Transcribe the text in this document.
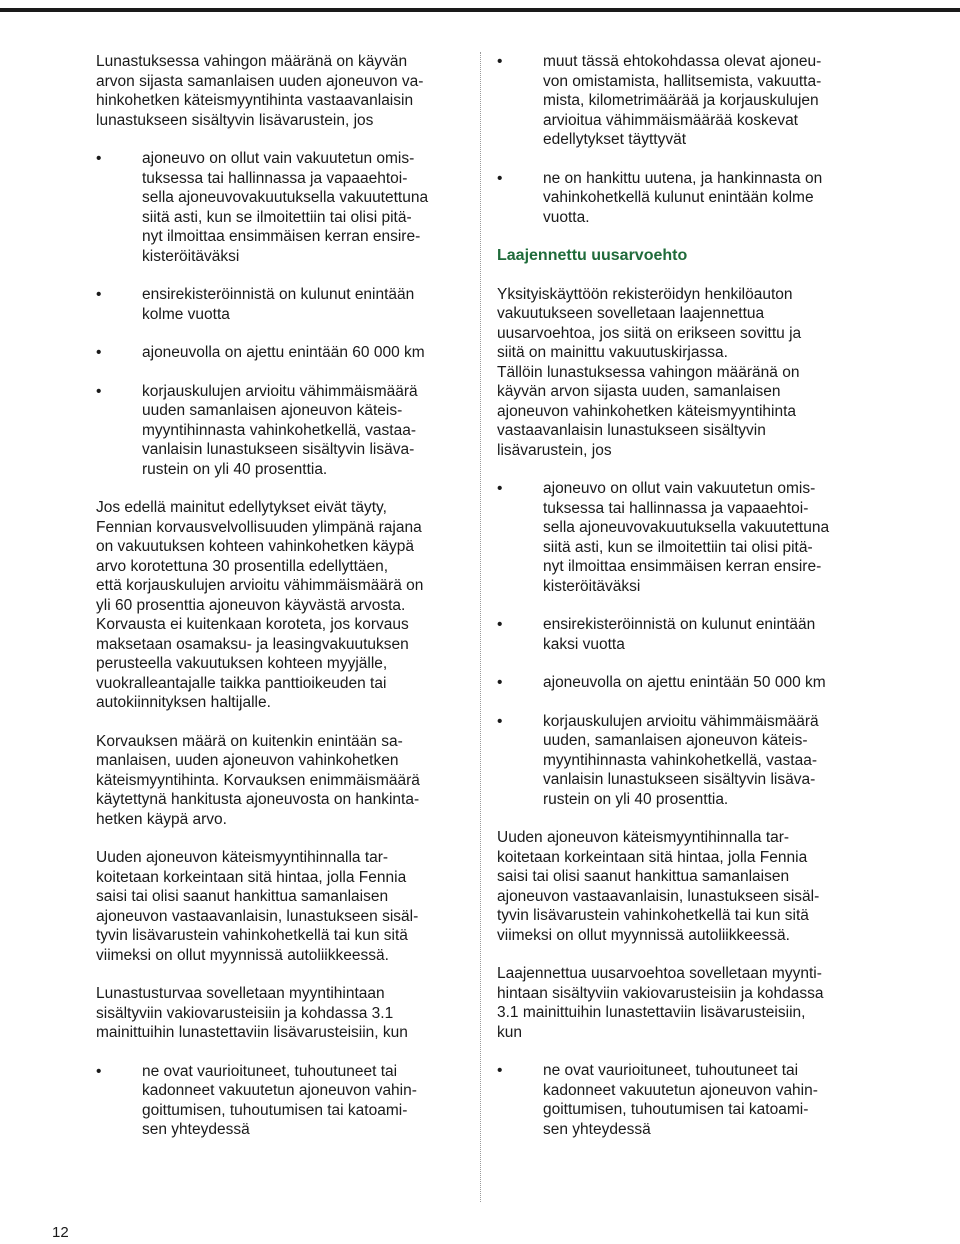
Lunastuksessa vahingon määränä on käyvän
arvon sijasta samanlaisen uuden ajoneuvon va-
hinkohetken käteismyyntihinta vastaavanlaisin
lunastukseen sisältyvin lisävarustein, jos

• ajoneuvo on ollut vain vakuutetun omis-
tuksessa tai hallinnassa ja vapaaehtoi-
sella ajoneuvovakuutuksella vakuutettuna
siitä asti, kun se ilmoitettiin tai olisi pitä-
nyt ilmoittaa ensimmäisen kerran ensire-
kisteröitäväksi
• ensirekisteröinnistä on kulunut enintään
kolme vuotta
• ajoneuvolla on ajettu enintään 60 000 km
• korjauskulujen arvioitu vähimmäismäärä
uuden samanlaisen ajoneuvon käteis-
myyntihinnasta vahinkohetkellä, vastaa-
vanlaisin lunastukseen sisältyvin lisäva-
rustein on yli 40 prosenttia.

Jos edellä mainitut edellytykset eivät täyty,
Fennian korvausvelvollisuuden ylimpänä rajana
on vakuutuksen kohteen vahinkohetken käypä
arvo korotettuna 30 prosentilla edellyttäen,
että korjauskulujen arvioitu vähimmäismäärä on
yli 60 prosenttia ajoneuvon käyvästä arvosta.
Korvausta ei kuitenkaan koroteta, jos korvaus
maksetaan osamaksu- ja leasingvakuutuksen
perusteella vakuutuksen kohteen myyjälle,
vuokralleantajalle taikka panttioikeuden tai
autokiinnityksen haltijalle.

Korvauksen määrä on kuitenkin enintään sa-
manlaisen, uuden ajoneuvon vahinkohetken
käteismyyntihinta. Korvauksen enimmäismäärä
käytettynä hankitusta ajoneuvosta on hankinta-
hetken käypä arvo.

Uuden ajoneuvon käteismyyntihinnalla tar-
koitetaan korkeintaan sitä hintaa, jolla Fennia
saisi tai olisi saanut hankittua samanlaisen
ajoneuvon vastaavanlaisin, lunastukseen sisäl-
tyvin lisävarustein vahinkohetkellä tai kun sitä
viimeksi on ollut myynnissä autoliikkeessä.

Lunastusturvaa sovelletaan myyntihintaan
sisältyviin vakiovarusteisiin ja kohdassa 3.1
mainittuihin lunastettaviin lisävarusteisiin, kun

• ne ovat vaurioituneet, tuhoutuneet tai
kadonneet vakuutetun ajoneuvon vahin-
goittumisen, tuhoutumisen tai katoami-
sen yhteydessä
• muut tässä ehtokohdassa olevat ajoneu-
von omistamista, hallitsemista, vakuutta-
mista, kilometrimäärää ja korjauskulujen
arvioitua vähimmäismäärää koskevat
edellytykset täyttyvät
• ne on hankittu uutena, ja hankinnasta on
vahinkohetkellä kulunut enintään kolme
vuotta.
Laajennettu uusarvoehto

Yksityiskäyttöön rekisteröidyn henkilöauton
vakuutukseen sovelletaan laajennettua
uusarvoehtoa, jos siitä on erikseen sovittu ja
siitä on mainittu vakuutuskirjassa.
Tällöin lunastuksessa vahingon määränä on
käyvän arvon sijasta uuden, samanlaisen
ajoneuvon vahinkohetken käteismyyntihinta
vastaavanlaisin lunastukseen sisältyvin
lisävarustein, jos

• ajoneuvo on ollut vain vakuutetun omis-
tuksessa tai hallinnassa ja vapaaehtoi-
sella ajoneuvovakuutuksella vakuutettuna
siitä asti, kun se ilmoitettiin tai olisi pitä-
nyt ilmoittaa ensimmäisen kerran ensire-
kisteröitäväksi
• ensirekisteröinnistä on kulunut enintään
kaksi vuotta
• ajoneuvolla on ajettu enintään 50 000 km
• korjauskulujen arvioitu vähimmäismäärä
uuden, samanlaisen ajoneuvon käteis-
myyntihinnasta vahinkohetkellä, vastaa-
vanlaisin lunastukseen sisältyvin lisäva-
rustein on yli 40 prosenttia.

Uuden ajoneuvon käteismyyntihinnalla tar-
koitetaan korkeintaan sitä hintaa, jolla Fennia
saisi tai olisi saanut hankittua samanlaisen
ajoneuvon vastaavanlaisin, lunastukseen sisäl-
tyvin lisävarustein vahinkohetkellä tai kun sitä
viimeksi on ollut myynnissä autoliikkeessä.

Laajennettua uusarvoehtoa sovelletaan myynti-
hintaan sisältyviin vakiovarusteisiin ja kohdassa
3.1 mainittuihin lunastettaviin lisävarusteisiin,
kun

• ne ovat vaurioituneet, tuhoutuneet tai
kadonneet vakuutetun ajoneuvon vahin-
goittumisen, tuhoutumisen tai katoami-
sen yhteydessä
12
